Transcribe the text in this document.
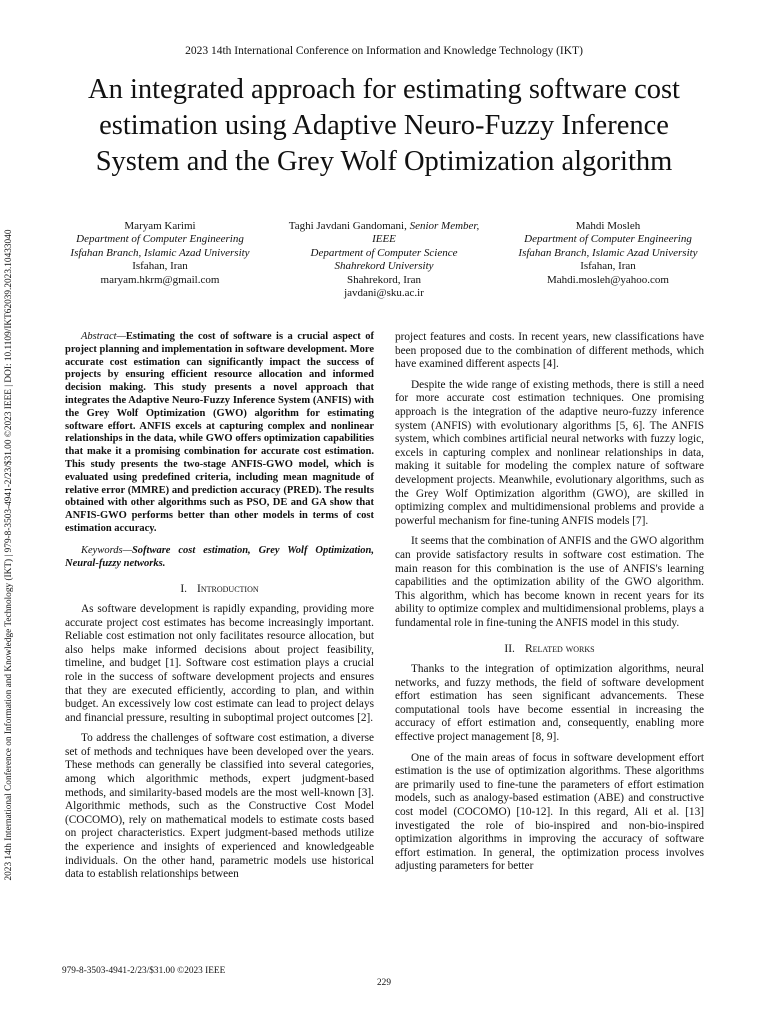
2023 14th International Conference on Information and Knowledge Technology (IKT)
An integrated approach for estimating software cost
estimation using Adaptive Neuro-Fuzzy Inference
System and the Grey Wolf Optimization algorithm
2023 14th International Conference on Information and Knowledge Technology (IKT) | 979-8-3503-4941-2/23/$31.00 ©2023 IEEE | DOI: 10.1109/IKT62039.2023.10433040
Maryam Karimi
Department of Computer Engineering
Isfahan Branch, Islamic Azad University
Isfahan, Iran
maryam.hkrm@gmail.com
Taghi Javdani Gandomani, Senior Member,
IEEE
Department of Computer Science
Shahrekord University
Shahrekord, Iran
javdani@sku.ac.ir
Mahdi Mosleh
Department of Computer Engineering
Isfahan Branch, Islamic Azad University
Isfahan, Iran
Mahdi.mosleh@yahoo.com

Abstract—Estimating the cost of software is a crucial aspect of project planning and implementation in software development. More accurate cost estimation can significantly impact the success of projects by ensuring efficient resource allocation and informed decision making. This study presents a novel approach that integrates the Adaptive Neuro-Fuzzy Inference System (ANFIS) with the Grey Wolf Optimization (GWO) algorithm for estimating software effort. ANFIS excels at capturing complex and nonlinear relationships in the data, while GWO offers optimization capabilities that make it a promising combination for accurate cost estimation. This study presents the two-stage ANFIS-GWO model, which is evaluated using predefined criteria, including mean magnitude of relative error (MMRE) and prediction accuracy (PRED). The results obtained with other algorithms such as PSO, DE and GA show that ANFIS-GWO performs better than other models in terms of cost estimation accuracy.

Keywords—Software cost estimation, Grey Wolf Optimization, Neural-fuzzy networks.

I. Introduction

As software development is rapidly expanding, providing more accurate project cost estimates has become increasingly important. Reliable cost estimation not only facilitates resource allocation, but also helps make informed decisions about project feasibility, timeline, and budget [1]. Software cost estimation plays a crucial role in the success of software development projects and ensures that they are executed efficiently, according to plan, and within budget. An excessively low cost estimate can lead to project delays and financial pressure, resulting in suboptimal project outcomes [2].

To address the challenges of software cost estimation, a diverse set of methods and techniques have been developed over the years. These methods can generally be classified into several categories, among which algorithmic methods, expert judgment-based methods, and similarity-based models are the most well-known [3]. Algorithmic methods, such as the Constructive Cost Model (COCOMO), rely on mathematical models to estimate costs based on project characteristics. Expert judgment-based methods utilize the experience and insights of experienced and knowledgeable individuals. On the other hand, parametric models use historical data to establish relationships between

project features and costs. In recent years, new classifications have been proposed due to the combination of different methods, which have examined different aspects [4].

Despite the wide range of existing methods, there is still a need for more accurate cost estimation techniques. One promising approach is the integration of the adaptive neuro-fuzzy inference system (ANFIS) with evolutionary algorithms [5, 6]. The ANFIS system, which combines artificial neural networks with fuzzy logic, excels in capturing complex and nonlinear relationships in data, making it suitable for modeling the complex nature of software development projects. Meanwhile, evolutionary algorithms, such as the Grey Wolf Optimization algorithm (GWO), are skilled in optimizing complex and multidimensional problems and provide a powerful mechanism for fine-tuning ANFIS models [7].

It seems that the combination of ANFIS and the GWO algorithm can provide satisfactory results in software cost estimation. The main reason for this combination is the use of ANFIS's learning capabilities and the optimization ability of the GWO algorithm. This algorithm, which has become known in recent years for its ability to optimize complex and multidimensional problems, plays a fundamental role in fine-tuning the ANFIS model in this study.

II. Related works

Thanks to the integration of optimization algorithms, neural networks, and fuzzy methods, the field of software development effort estimation has seen significant advancements. These computational tools have become essential in increasing the accuracy of effort estimation and, consequently, enabling more effective project management [8, 9].

One of the main areas of focus in software development effort estimation is the use of optimization algorithms. These algorithms are primarily used to fine-tune the parameters of effort estimation models, such as analogy-based estimation (ABE) and constructive cost model (COCOMO) [10-12]. In this regard, Ali et al. [13] investigated the role of bio-inspired and non-bio-inspired optimization algorithms in improving the accuracy of software effort estimation. In general, the optimization process involves adjusting parameters for better

979-8-3503-4941-2/23/$31.00 ©2023 IEEE
229
